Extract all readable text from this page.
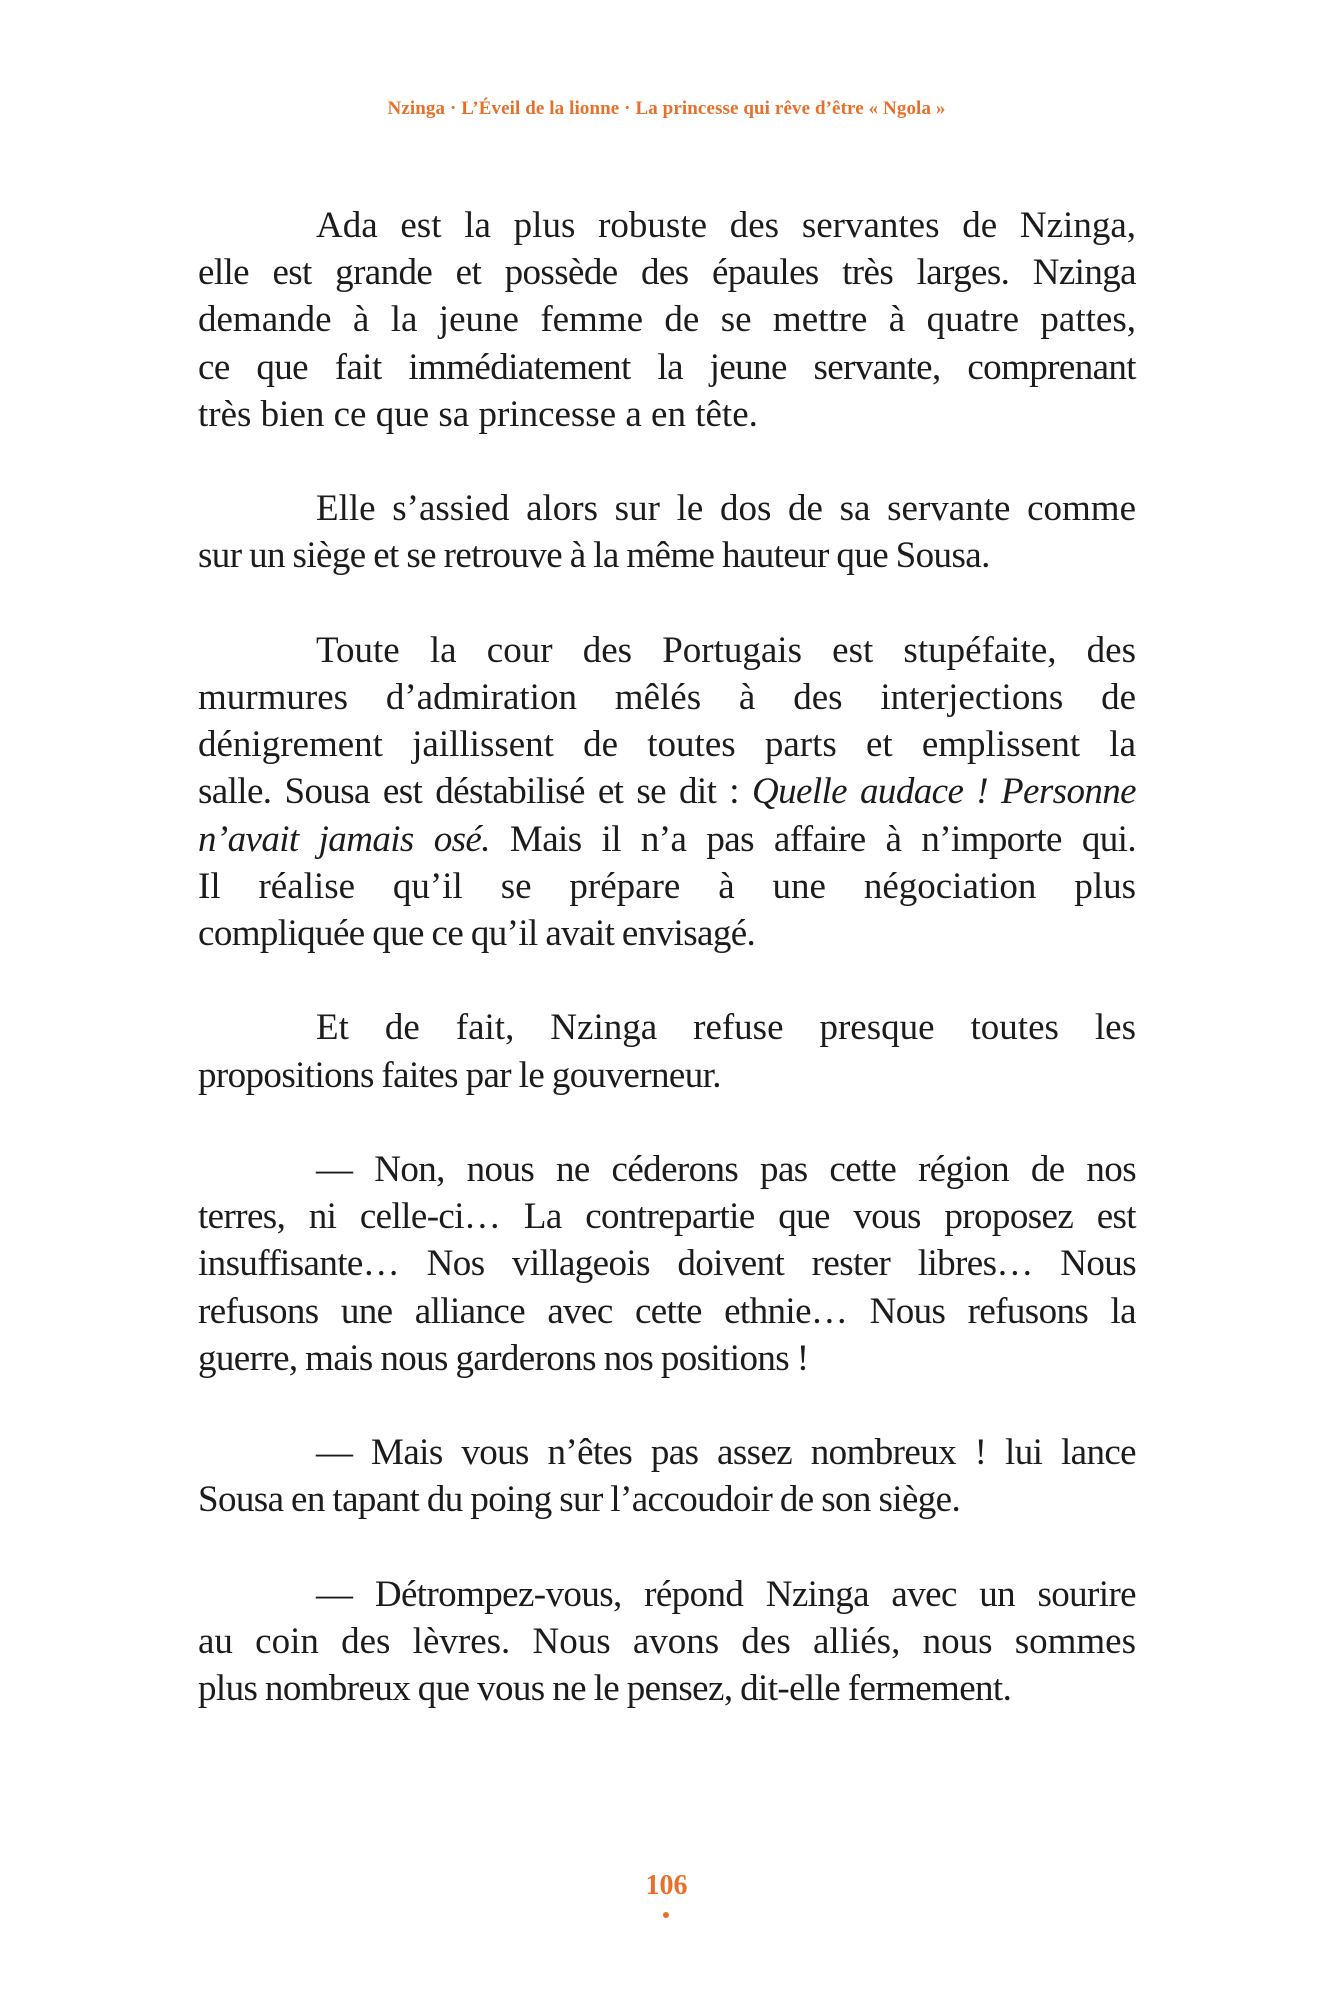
Nzinga · L’Éveil de la lionne · La princesse qui rêve d’être « Ngola »

Ada est la plus robuste des servantes de Nzinga,
elle est grande et possède des épaules très larges. Nzinga
demande à la jeune femme de se mettre à quatre pattes,
ce que fait immédiatement la jeune servante, comprenant
très bien ce que sa princesse a en tête.

Elle s’assied alors sur le dos de sa servante comme
sur un siège et se retrouve à la même hauteur que Sousa.

Toute la cour des Portugais est stupéfaite, des
murmures d’admiration mêlés à des interjections de
dénigrement jaillissent de toutes parts et emplissent la
salle. Sousa est déstabilisé et se dit : Quelle audace ! Personne
n’avait jamais osé. Mais il n’a pas affaire à n’importe qui.
Il réalise qu’il se prépare à une négociation plus
compliquée que ce qu’il avait envisagé.

Et de fait, Nzinga refuse presque toutes les
propositions faites par le gouverneur.

— Non, nous ne céderons pas cette région de nos
terres, ni celle-ci… La contrepartie que vous proposez est
insuffisante… Nos villageois doivent rester libres… Nous
refusons une alliance avec cette ethnie… Nous refusons la
guerre, mais nous garderons nos positions !

— Mais vous n’êtes pas assez nombreux ! lui lance
Sousa en tapant du poing sur l’accoudoir de son siège.

— Détrompez-vous, répond Nzinga avec un sourire
au coin des lèvres. Nous avons des alliés, nous sommes
plus nombreux que vous ne le pensez, dit-elle fermement.

106
